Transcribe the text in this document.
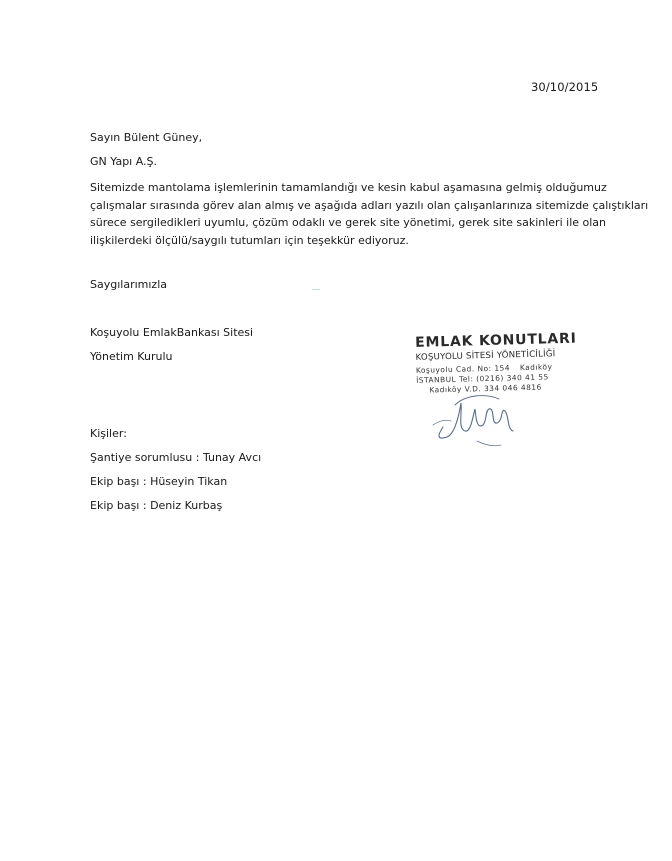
30/10/2015
Sayın Bülent Güney,
GN Yapı A.Ş.
Sitemizde mantolama işlemlerinin tamamlandığı ve kesin kabul aşamasına gelmiş olduğumuz
çalışmalar sırasında görev alan almış ve aşağıda adları yazılı olan çalışanlarınıza sitemizde çalıştıkları
sürece sergiledikleri uyumlu, çözüm odaklı ve gerek site yönetimi, gerek site sakinleri ile olan
ilişkilerdeki ölçülü/saygılı tutumları için teşekkür ediyoruz.
Saygılarımızla
Koşuyolu EmlakBankası Sitesi
Yönetim Kurulu
Kişiler:
Şantiye sorumlusu : Tunay Avcı
Ekip başı : Hüseyin Tikan
Ekip başı : Deniz Kurbaş
EMLAK KONUTLARI
KOŞUYOLU SİTESİ YÖNETİCİLİĞİ
Koşuyolu Cad. No: 154 Kadıköy
İSTANBUL Tel: (0216) 340 41 55
Kadıköy V.D. 334 046 4816
